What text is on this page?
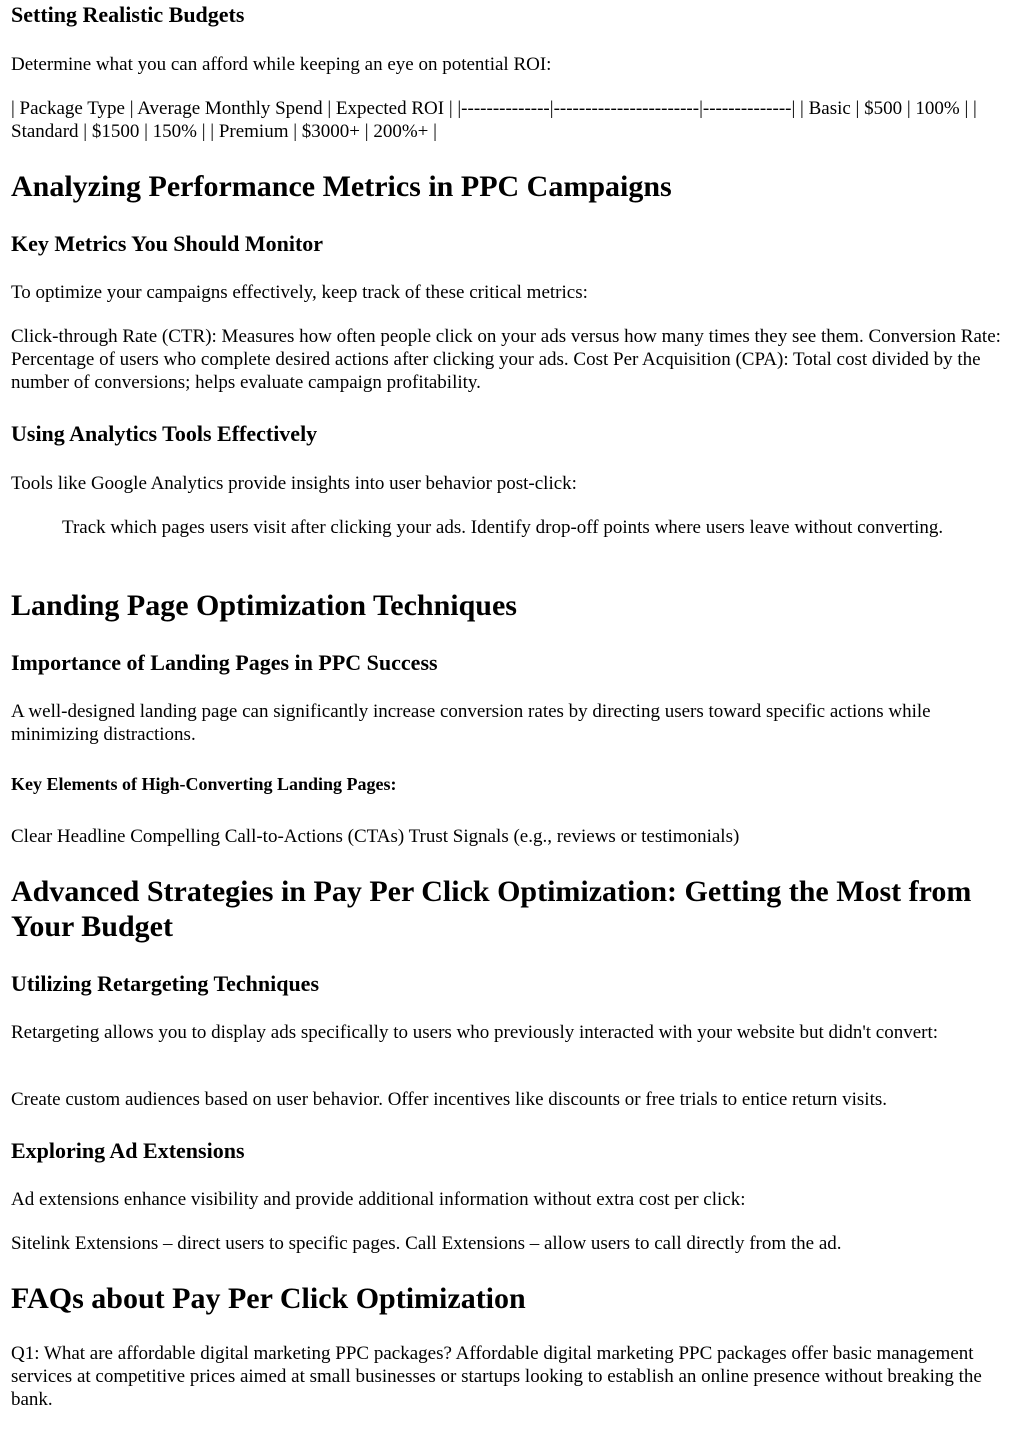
Setting Realistic Budgets

Determine what you can afford while keeping an eye on potential ROI:

| Package Type | Average Monthly Spend | Expected ROI | |--------------|-----------------------|--------------| | Basic | $500 | 100% | | Standard | $1500 | 150% | | Premium | $3000+ | 200%+ |

Analyzing Performance Metrics in PPC Campaigns
Key Metrics You Should Monitor

To optimize your campaigns effectively, keep track of these critical metrics:

Click-through Rate (CTR): Measures how often people click on your ads versus how many times they see them. Conversion Rate: Percentage of users who complete desired actions after clicking your ads. Cost Per Acquisition (CPA): Total cost divided by the number of conversions; helps evaluate campaign profitability.

Using Analytics Tools Effectively

Tools like Google Analytics provide insights into user behavior post-click:

Track which pages users visit after clicking your ads. Identify drop-off points where users leave without converting.
Landing Page Optimization Techniques
Importance of Landing Pages in PPC Success

A well-designed landing page can significantly increase conversion rates by directing users toward specific actions while minimizing distractions.

Key Elements of High-Converting Landing Pages:

Clear Headline Compelling Call-to-Actions (CTAs) Trust Signals (e.g., reviews or testimonials)

Advanced Strategies in Pay Per Click Optimization: Getting the Most from Your Budget
Utilizing Retargeting Techniques

Retargeting allows you to display ads specifically to users who previously interacted with your website but didn't convert:

Create custom audiences based on user behavior. Offer incentives like discounts or free trials to entice return visits.

Exploring Ad Extensions

Ad extensions enhance visibility and provide additional information without extra cost per click:

Sitelink Extensions – direct users to specific pages. Call Extensions – allow users to call directly from the ad.

FAQs about Pay Per Click Optimization

Q1: What are affordable digital marketing PPC packages? Affordable digital marketing PPC packages offer basic management services at competitive prices aimed at small businesses or startups looking to establish an online presence without breaking the bank.
